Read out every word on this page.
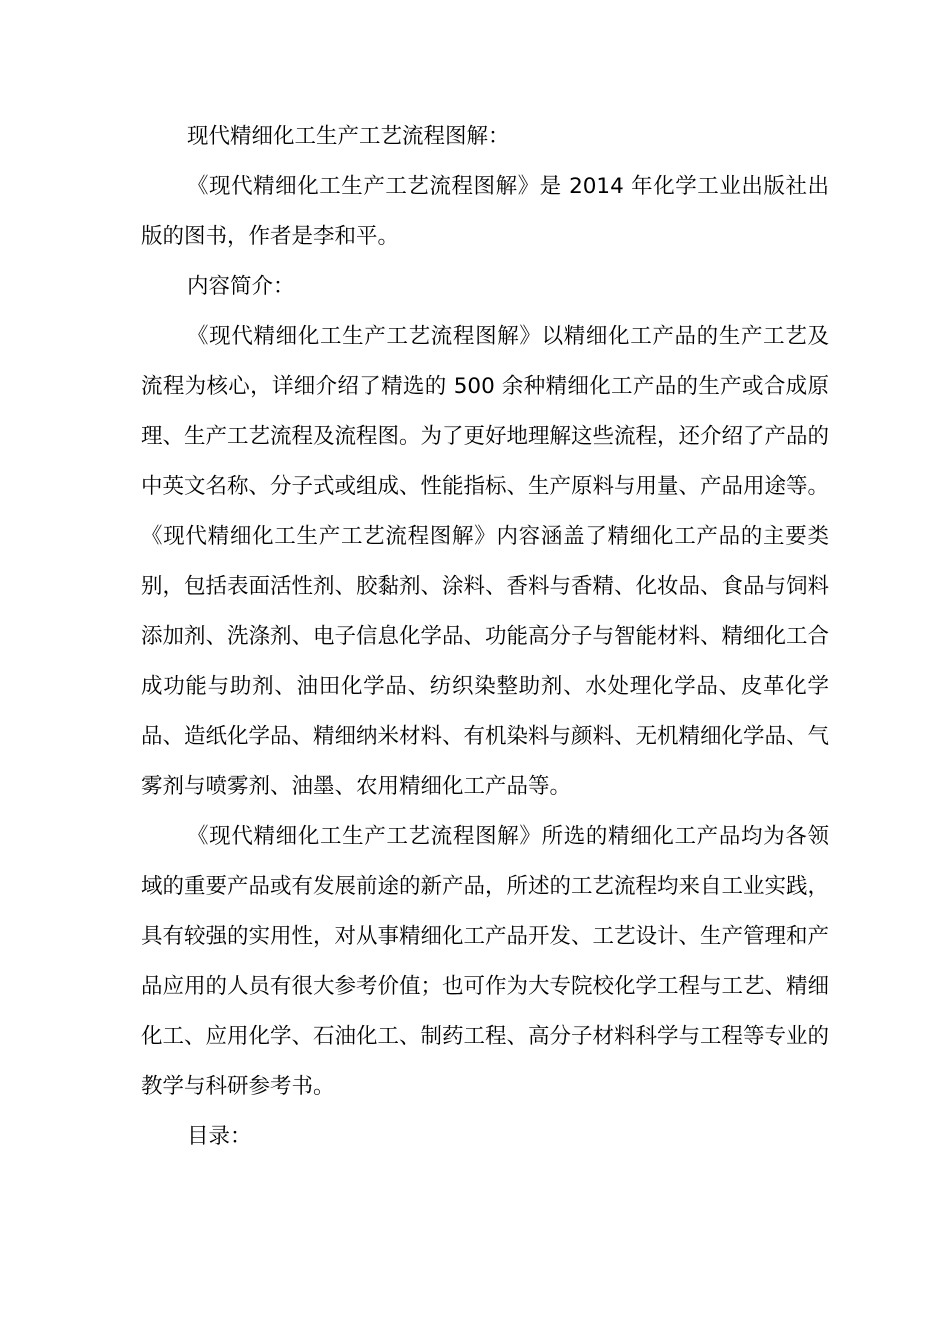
现代精细化工生产工艺流程图解：

《现代精细化工生产工艺流程图解》是 2014 年化学工业出版社出版的图书，作者是李和平。

内容简介：

《现代精细化工生产工艺流程图解》以精细化工产品的生产工艺及流程为核心，详细介绍了精选的 500 余种精细化工产品的生产或合成原理、生产工艺流程及流程图。为了更好地理解这些流程，还介绍了产品的中英文名称、分子式或组成、性能指标、生产原料与用量、产品用途等。《现代精细化工生产工艺流程图解》内容涵盖了精细化工产品的主要类别，包括表面活性剂、胶黏剂、涂料、香料与香精、化妆品、食品与饲料添加剂、洗涤剂、电子信息化学品、功能高分子与智能材料、精细化工合成功能与助剂、油田化学品、纺织染整助剂、水处理化学品、皮革化学品、造纸化学品、精细纳米材料、有机染料与颜料、无机精细化学品、气雾剂与喷雾剂、油墨、农用精细化工产品等。

《现代精细化工生产工艺流程图解》所选的精细化工产品均为各领域的重要产品或有发展前途的新产品，所述的工艺流程均来自工业实践，具有较强的实用性，对从事精细化工产品开发、工艺设计、生产管理和产品应用的人员有很大参考价值；也可作为大专院校化学工程与工艺、精细化工、应用化学、石油化工、制药工程、高分子材料科学与工程等专业的教学与科研参考书。

目录：
